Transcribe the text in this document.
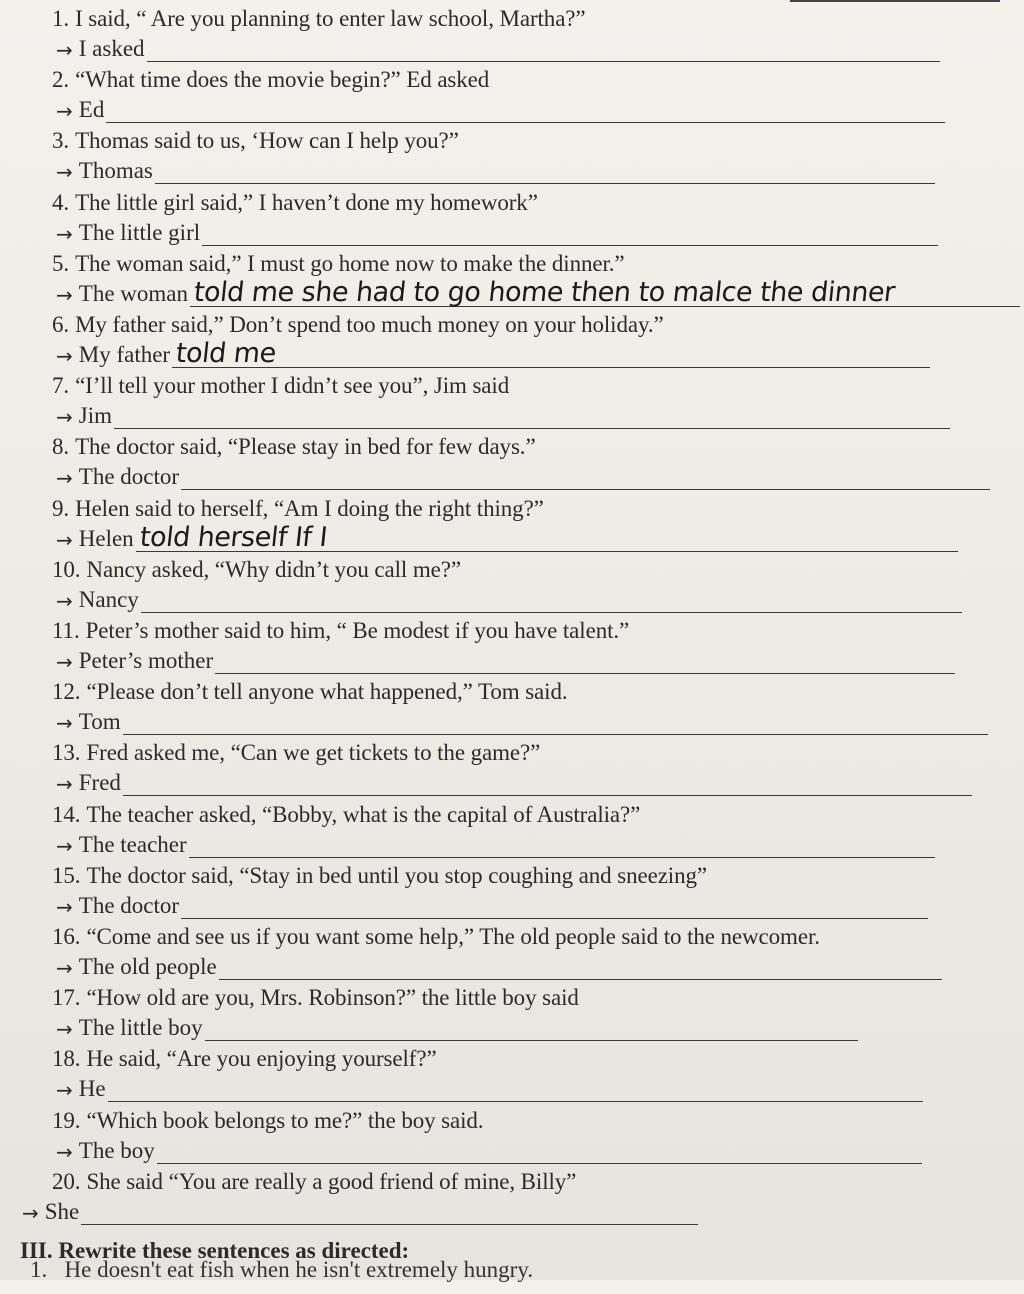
1. I said, “ Are you planning to enter law school, Martha?”
→ I asked
2. “What time does the movie begin?” Ed asked
→ Ed
3. Thomas said to us, ‘How can I help you?”
→ Thomas
4. The little girl said,” I haven’t done my homework”
→ The little girl
5. The woman said,” I must go home now to make the dinner.”
→ The woman told me she had to go home then to malce the dinner
6. My father said,” Don’t spend too much money on your holiday.”
→ My father told me
7. “I’ll tell your mother I didn’t see you”, Jim said
→ Jim
8. The doctor said, “Please stay in bed for few days.”
→ The doctor
9. Helen said to herself, “Am I doing the right thing?”
→ Helen told herself If I
10. Nancy asked, “Why didn’t you call me?”
→ Nancy
11. Peter’s mother said to him, “ Be modest if you have talent.”
→ Peter’s mother
12. “Please don’t tell anyone what happened,” Tom said.
→ Tom
13. Fred asked me, “Can we get tickets to the game?”
→ Fred
14. The teacher asked, “Bobby, what is the capital of Australia?”
→ The teacher
15. The doctor said, “Stay in bed until you stop coughing and sneezing”
→ The doctor
16. “Come and see us if you want some help,” The old people said to the newcomer.
→ The old people
17. “How old are you, Mrs. Robinson?” the little boy said
→ The little boy
18. He said, “Are you enjoying yourself?”
→ He
19. “Which book belongs to me?” the boy said.
→ The boy
20. She said “You are really a good friend of mine, Billy”
→ She
III. Rewrite these sentences as directed:
1.   He doesn't eat fish when he isn't extremely hungry.
